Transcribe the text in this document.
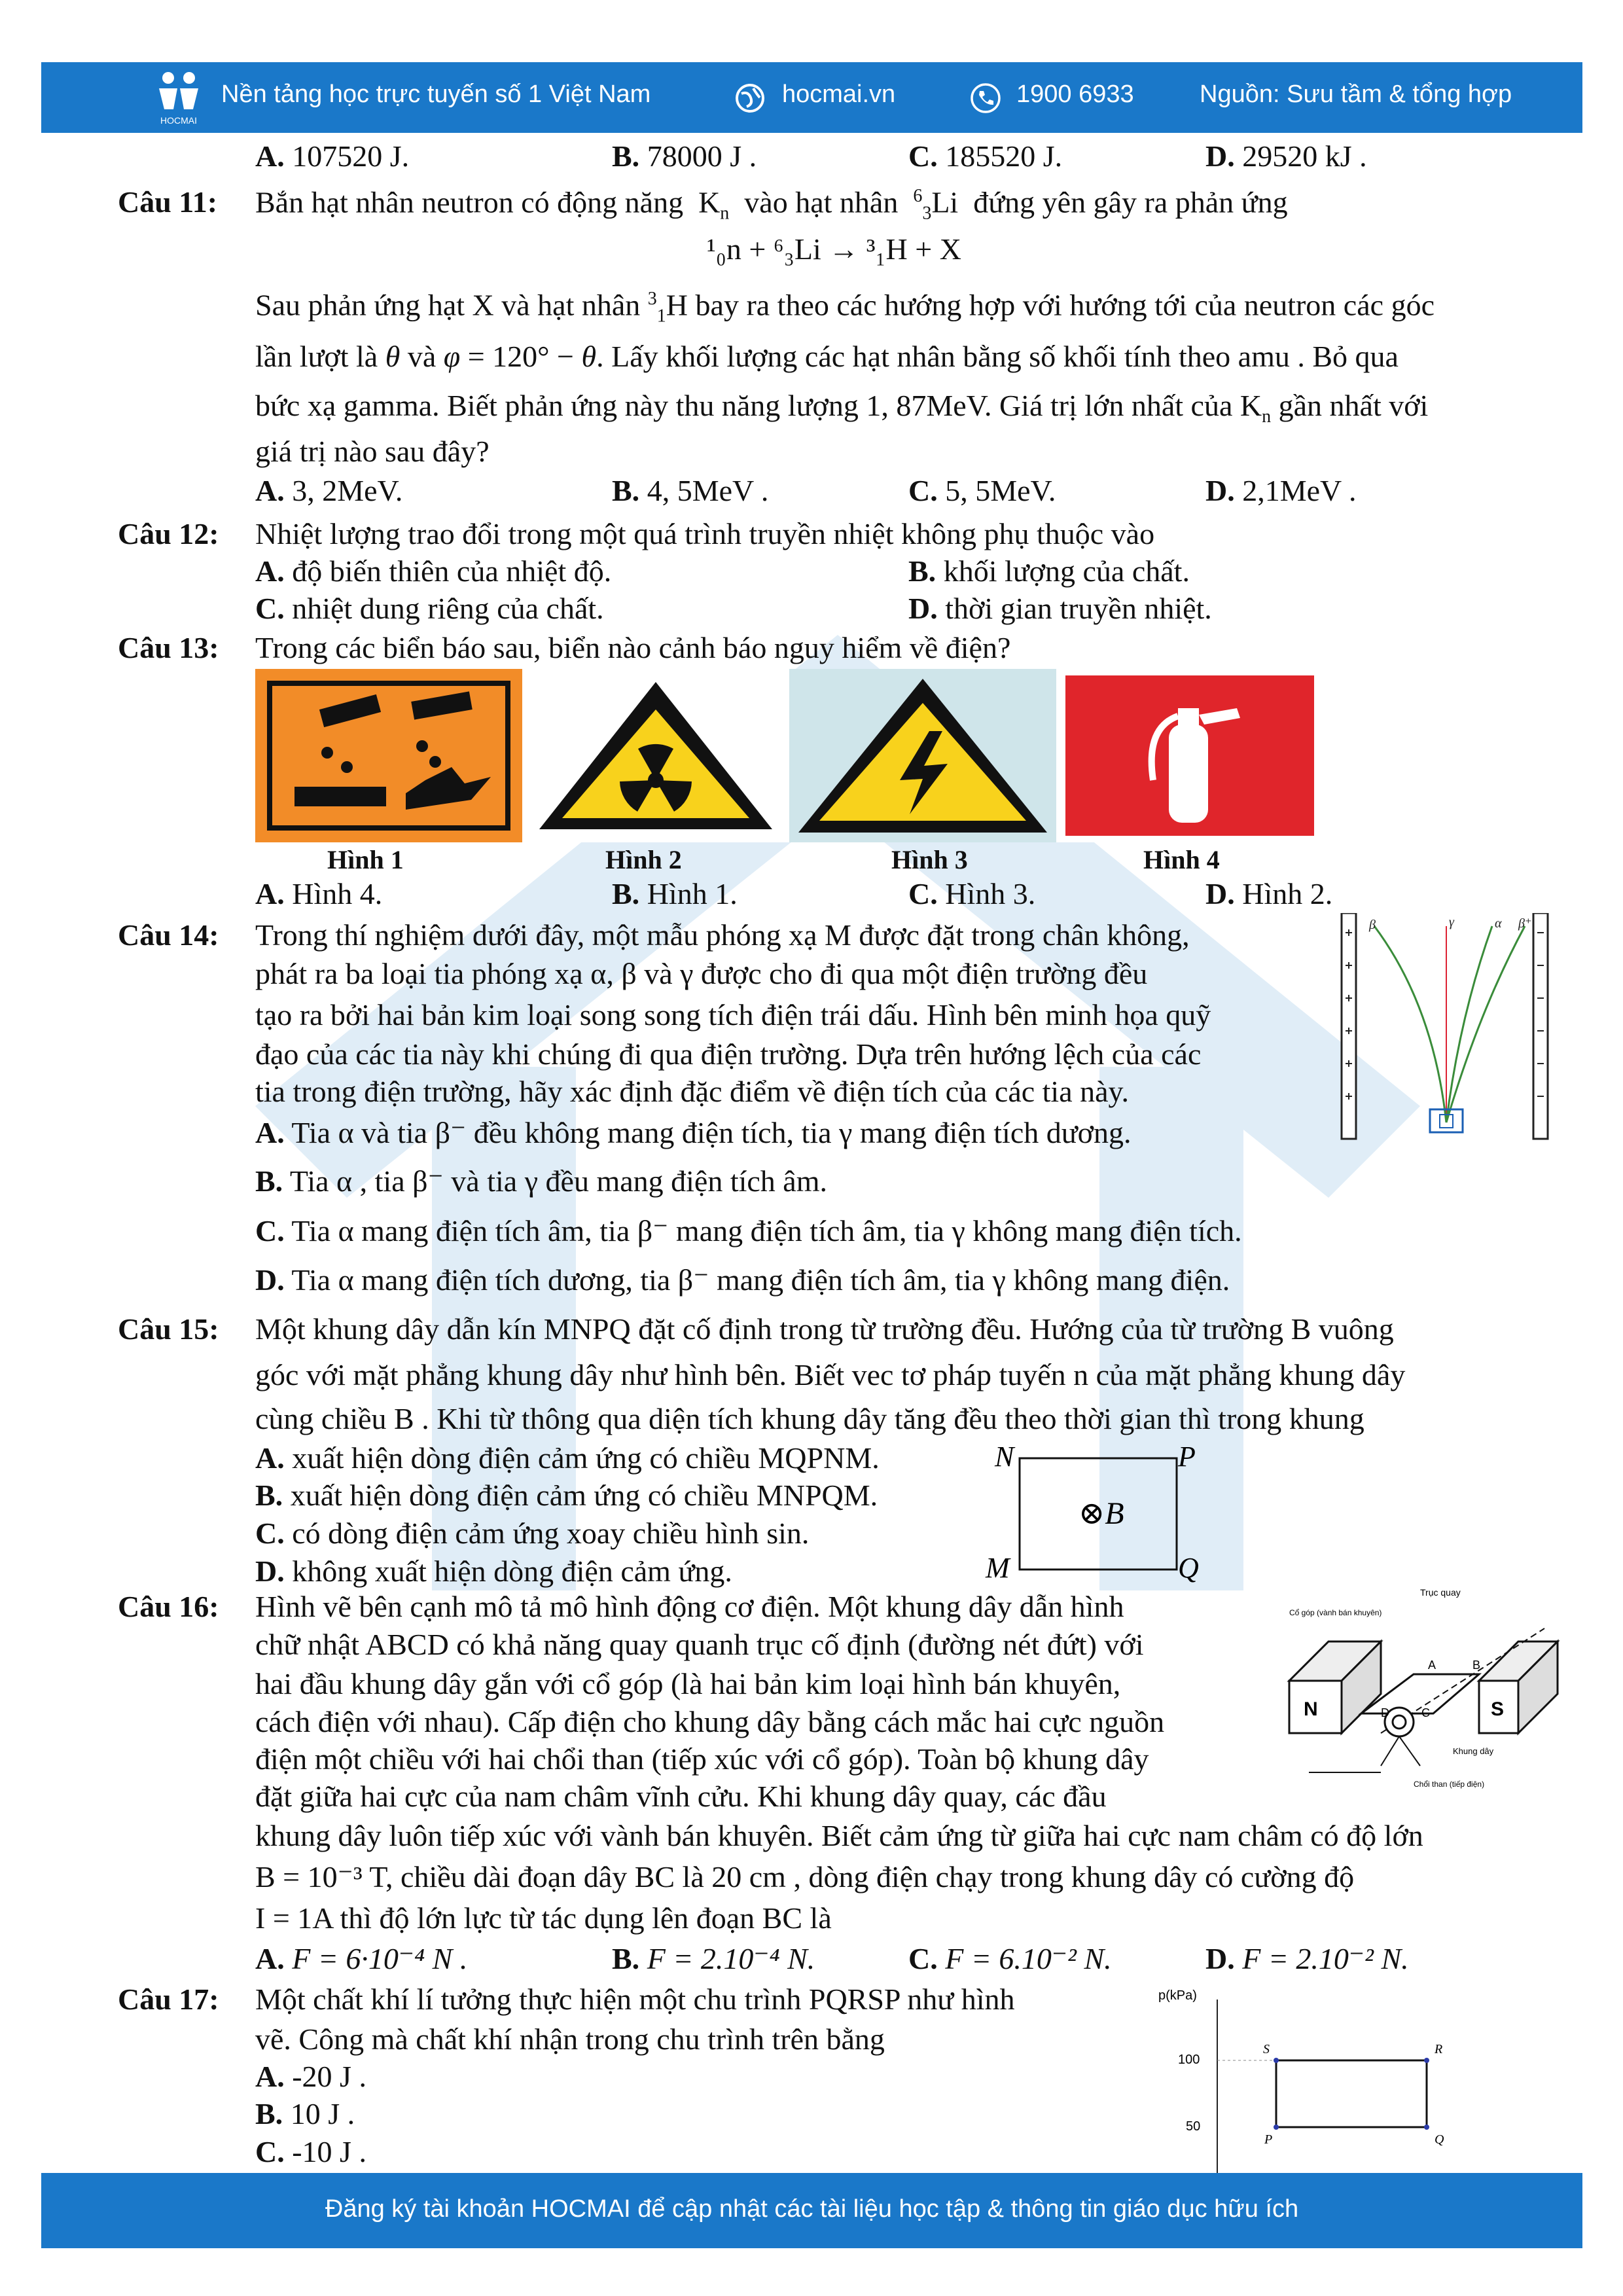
HOCMAI
Nền tảng học trực tuyến số 1 Việt Nam	hocmai.vn	1900 6933	Nguồn: Sưu tầm & tổng hợp
A. 107520 J.	B. 78000 J .	C. 185520 J.	D. 29520 kJ .
Câu 11: Bắn hạt nhân neutron có động năng  $K_n$ vào hạt nhân $^6_3$Li  đứng yên gây ra phản ứng
¹₀n + ⁶₃Li → ³₁H + X
Sau phản ứng hạt X và hạt nhân $^3_1$H bay ra theo các hướng hợp với hướng tới của neutron các góc
lần lượt là θ và φ = 120° − θ. Lấy khối lượng các hạt nhân bằng số khối tính theo amu . Bỏ qua
bức xạ gamma. Biết phản ứng này thu năng lượng 1, 87MeV. Giá trị lớn nhất của $K_n$ gần nhất với
giá trị nào sau đây?
A. 3, 2MeV.	B. 4, 5MeV .	C. 5, 5MeV.	D. 2,1MeV .
Câu 12: Nhiệt lượng trao đổi trong một quá trình truyền nhiệt không phụ thuộc vào
A. độ biến thiên của nhiệt độ.	B. khối lượng của chất.
C. nhiệt dung riêng của chất.	D. thời gian truyền nhiệt.
Câu 13: Trong các biển báo sau, biển nào cảnh báo nguy hiểm về điện?
Hình 1	Hình 2	Hình 3	Hình 4
A. Hình 4.	B. Hình 1.	C. Hình 3.	D. Hình 2.
Câu 14: Trong thí nghiệm dưới đây, một mẫu phóng xạ M được đặt trong chân không,
phát ra ba loại tia phóng xạ α, β và γ được cho đi qua một điện trường đều
tạo ra bởi hai bản kim loại song song tích điện trái dấu. Hình bên minh họa quỹ
đạo của các tia này khi chúng đi qua điện trường. Dựa trên hướng lệch của các
tia trong điện trường, hãy xác định đặc điểm về điện tích của các tia này.
A. Tia α và tia β⁻ đều không mang điện tích, tia γ mang điện tích dương.
B. Tia α , tia β⁻ và tia γ đều mang điện tích âm.
C. Tia α mang điện tích âm, tia β⁻ mang điện tích âm, tia γ không mang điện tích.
D. Tia α mang điện tích dương, tia β⁻ mang điện tích âm, tia γ không mang điện.
β	γ	α β⁺
Câu 15: Một khung dây dẫn kín MNPQ đặt cố định trong từ trường đều. Hướng của từ trường B vuông
góc với mặt phẳng khung dây như hình bên. Biết vec tơ pháp tuyến n của mặt phẳng khung dây
cùng chiều B . Khi từ thông qua diện tích khung dây tăng đều theo thời gian thì trong khung
A. xuất hiện dòng điện cảm ứng có chiều MQPNM.
B. xuất hiện dòng điện cảm ứng có chiều MNPQM.
C. có dòng điện cảm ứng xoay chiều hình sin.
D. không xuất hiện dòng điện cảm ứng.
N	P
M	Q
⊗B
Câu 16: Hình vẽ bên cạnh mô tả mô hình động cơ điện. Một khung dây dẫn hình
chữ nhật ABCD có khả năng quay quanh trục cố định (đường nét đứt) với
hai đầu khung dây gắn với cổ góp (là hai bản kim loại hình bán khuyên,
cách điện với nhau). Cấp điện cho khung dây bằng cách mắc hai cực nguồn
điện một chiều với hai chổi than (tiếp xúc với cổ góp). Toàn bộ khung dây
đặt giữa hai cực của nam châm vĩnh cửu. Khi khung dây quay, các đầu
khung dây luôn tiếp xúc với vành bán khuyên. Biết cảm ứng từ giữa hai cực nam châm có độ lớn
B = 10⁻³ T, chiều dài đoạn dây BC là 20 cm , dòng điện chạy trong khung dây có cường độ
I = 1A thì độ lớn lực từ tác dụng lên đoạn BC là
A. F = 6·10⁻⁴ N .	B. F = 2.10⁻⁴ N.	C. F = 6.10⁻² N.	D. F = 2.10⁻² N.
N	S
A	B
C
D
Trục quay
Cổ góp (vành bán khuyên)
Khung dây
Chổi than (tiếp điện)
Câu 17: Một chất khí lí tưởng thực hiện một chu trình PQRSP như hình
vẽ. Công mà chất khí nhận trong chu trình trên bằng
A. -20 J .
B. 10 J .
C. -10 J .
p(kPa)
100
50
S	R
P	Q
Đăng ký tài khoản HOCMAI để cập nhật các tài liệu học tập & thông tin giáo dục hữu ích
